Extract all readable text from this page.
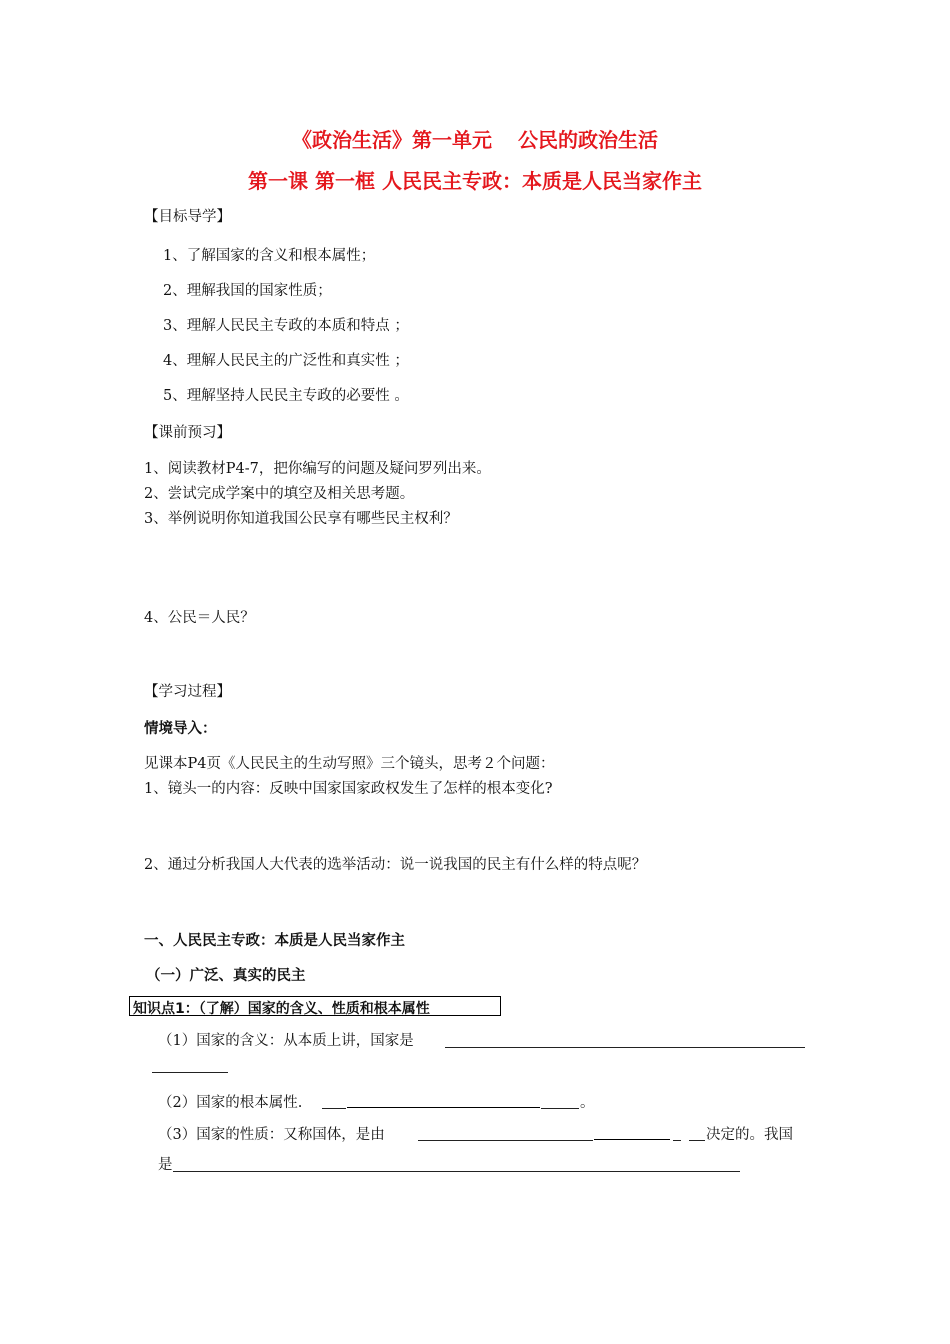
《政治生活》第一单元 公民的政治生活
第一课 第一框 人民民主专政：本质是人民当家作主
【目标导学】
1、了解国家的含义和根本属性；
2、理解我国的国家性质；
3、理解人民民主专政的本质和特点 ；
4、理解人民民主的广泛性和真实性 ；
5、理解坚持人民民主专政的必要性 。
【课前预习】
1、阅读教材P4-7，把你编写的问题及疑问罗列出来。
2、尝试完成学案中的填空及相关思考题。
3、举例说明你知道我国公民享有哪些民主权利？
4、公民＝人民？
【学习过程】
情境导入：
见课本P4页《人民民主的生动写照》三个镜头，思考２个问题：
1、镜头一的内容：反映中国家国家政权发生了怎样的根本变化?
2、通过分析我国人大代表的选举活动：说一说我国的民主有什么样的特点呢？
一、人民民主专政：本质是人民当家作主
（一）广泛、真实的民主
知识点1：（了解）国家的含义、性质和根本属性
（1）国家的含义：从本质上讲，国家是
（2）国家的根本属性.	。
（3）国家的性质：又称国体，是由	决定的。我国
是
